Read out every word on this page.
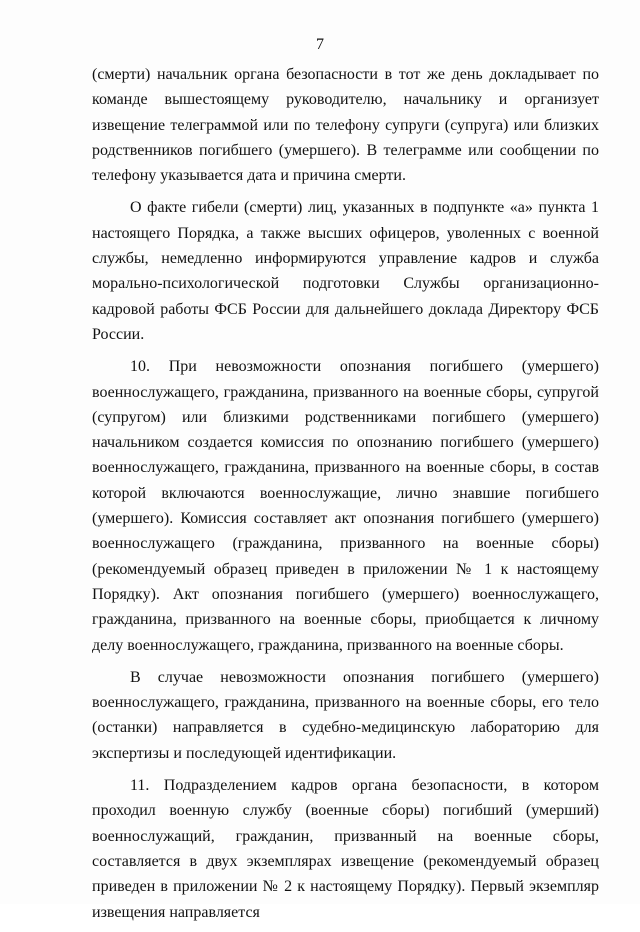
7

(смерти) начальник органа безопасности в тот же день докладывает по команде вышестоящему руководителю, начальнику и организует извещение телеграммой или по телефону супруги (супруга) или близких родственников погибшего (умершего). В телеграмме или сообщении по телефону указывается дата и причина смерти.

О факте гибели (смерти) лиц, указанных в подпункте «а» пункта 1 настоящего Порядка, а также высших офицеров, уволенных с военной службы, немедленно информируются управление кадров и служба морально-психологической подготовки Службы организационно-кадровой работы ФСБ России для дальнейшего доклада Директору ФСБ России.

10. При невозможности опознания погибшего (умершего) военнослужащего, гражданина, призванного на военные сборы, супругой (супругом) или близкими родственниками погибшего (умершего) начальником создается комиссия по опознанию погибшего (умершего) военнослужащего, гражданина, призванного на военные сборы, в состав которой включаются военнослужащие, лично знавшие погибшего (умершего). Комиссия составляет акт опознания погибшего (умершего) военнослужащего (гражданина, призванного на военные сборы) (рекомендуемый образец приведен в приложении № 1 к настоящему Порядку). Акт опознания погибшего (умершего) военнослужащего, гражданина, призванного на военные сборы, приобщается к личному делу военнослужащего, гражданина, призванного на военные сборы.

В случае невозможности опознания погибшего (умершего) военнослужащего, гражданина, призванного на военные сборы, его тело (останки) направляется в судебно-медицинскую лабораторию для экспертизы и последующей идентификации.

11. Подразделением кадров органа безопасности, в котором проходил военную службу (военные сборы) погибший (умерший) военнослужащий, гражданин, призванный на военные сборы, составляется в двух экземплярах извещение (рекомендуемый образец приведен в приложении № 2 к настоящему Порядку). Первый экземпляр извещения направляется
